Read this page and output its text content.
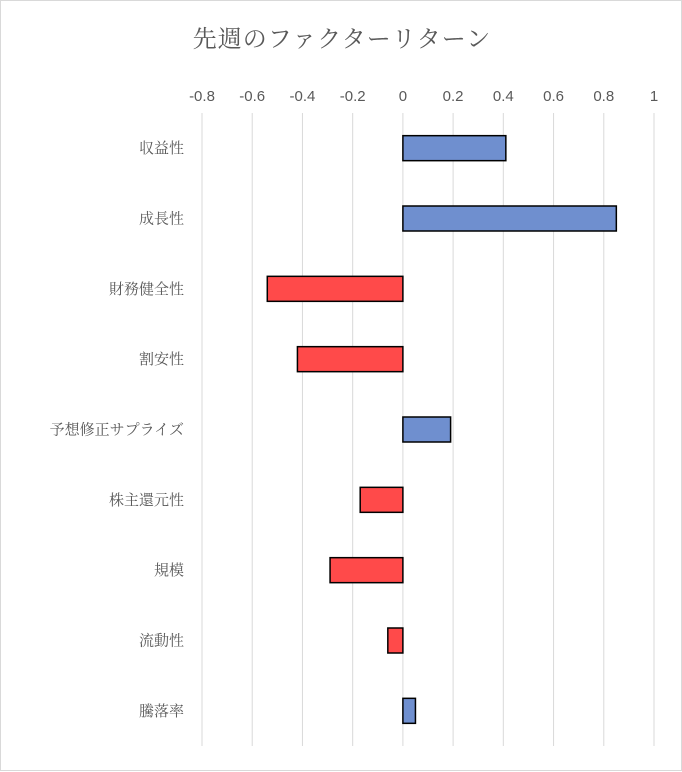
先週のファクターリターン
-0.8 -0.6 -0.4 -0.2 0 0.2 0.4 0.6 0.8 1
収益性
成長性
財務健全性
割安性
予想修正サプライズ
株主還元性
規模
流動性
騰落率
